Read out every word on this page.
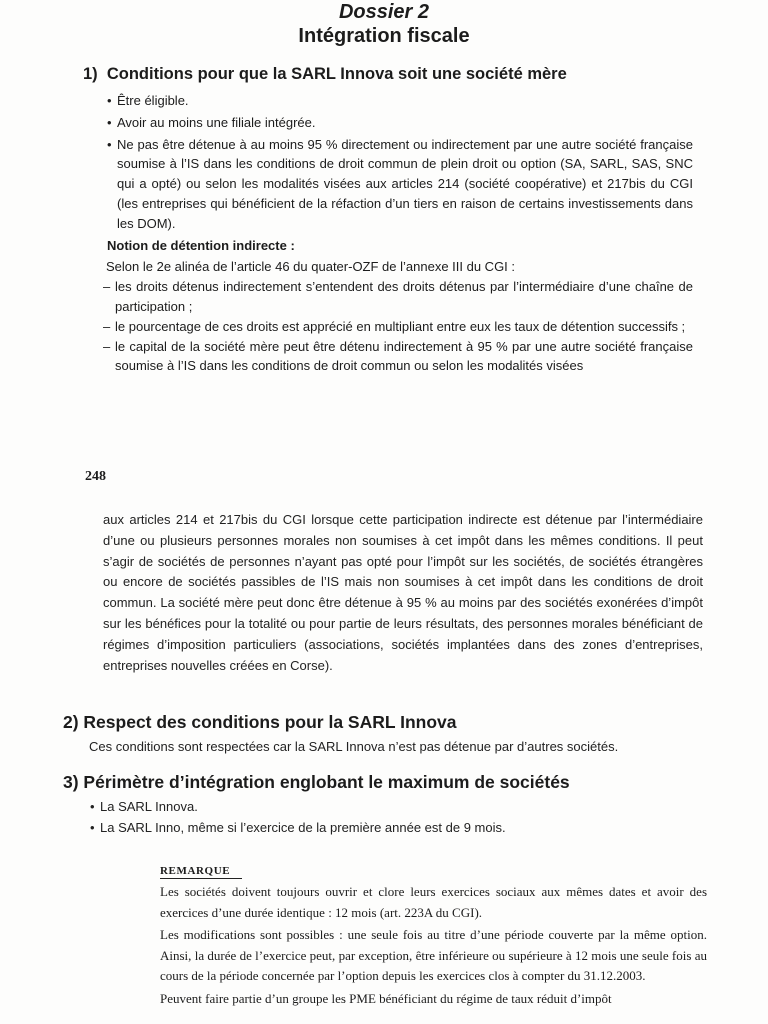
Dossier 2
Intégration fiscale
1)  Conditions pour que la SARL Innova soit une société mère
• Être éligible.
• Avoir au moins une filiale intégrée.
• Ne pas être détenue à au moins 95 % directement ou indirectement par une autre société française soumise à l’IS dans les conditions de droit commun de plein droit ou option (SA, SARL, SAS, SNC qui a opté) ou selon les modalités visées aux articles 214 (société coopérative) et 217bis du CGI (les entreprises qui bénéficient de la réfaction d’un tiers en raison de certains investissements dans les DOM).
Notion de détention indirecte :
Selon le 2e alinéa de l’article 46 du quater-OZF de l’annexe III du CGI :
– les droits détenus indirectement s’entendent des droits détenus par l’intermédiaire d’une chaîne de participation ;
– le pourcentage de ces droits est apprécié en multipliant entre eux les taux de détention successifs ;
– le capital de la société mère peut être détenu indirectement à 95 % par une autre société française soumise à l’IS dans les conditions de droit commun ou selon les modalités visées
248
aux articles 214 et 217bis du CGI lorsque cette participation indirecte est détenue par l’intermédiaire d’une ou plusieurs personnes morales non soumises à cet impôt dans les mêmes conditions. Il peut s’agir de sociétés de personnes n’ayant pas opté pour l’impôt sur les sociétés, de sociétés étrangères ou encore de sociétés passibles de l’IS mais non soumises à cet impôt dans les conditions de droit commun. La société mère peut donc être détenue à 95 % au moins par des sociétés exonérées d’impôt sur les bénéfices pour la totalité ou pour partie de leurs résultats, des personnes morales bénéficiant de régimes d’imposition particuliers (associations, sociétés implantées dans des zones d’entreprises, entreprises nouvelles créées en Corse).
2) Respect des conditions pour la SARL Innova
Ces conditions sont respectées car la SARL Innova n’est pas détenue par d’autres sociétés.
3) Périmètre d’intégration englobant le maximum de sociétés
• La SARL Innova.
• La SARL Inno, même si l’exercice de la première année est de 9 mois.
REMARQUE

Les sociétés doivent toujours ouvrir et clore leurs exercices sociaux aux mêmes dates et avoir des exercices d’une durée identique : 12 mois (art. 223A du CGI).

Les modifications sont possibles : une seule fois au titre d’une période couverte par la même option. Ainsi, la durée de l’exercice peut, par exception, être inférieure ou supérieure à 12 mois une seule fois au cours de la période concernée par l’option depuis les exercices clos à compter du 31.12.2003.

Peuvent faire partie d’un groupe les PME bénéficiant du régime de taux réduit d’impôt
